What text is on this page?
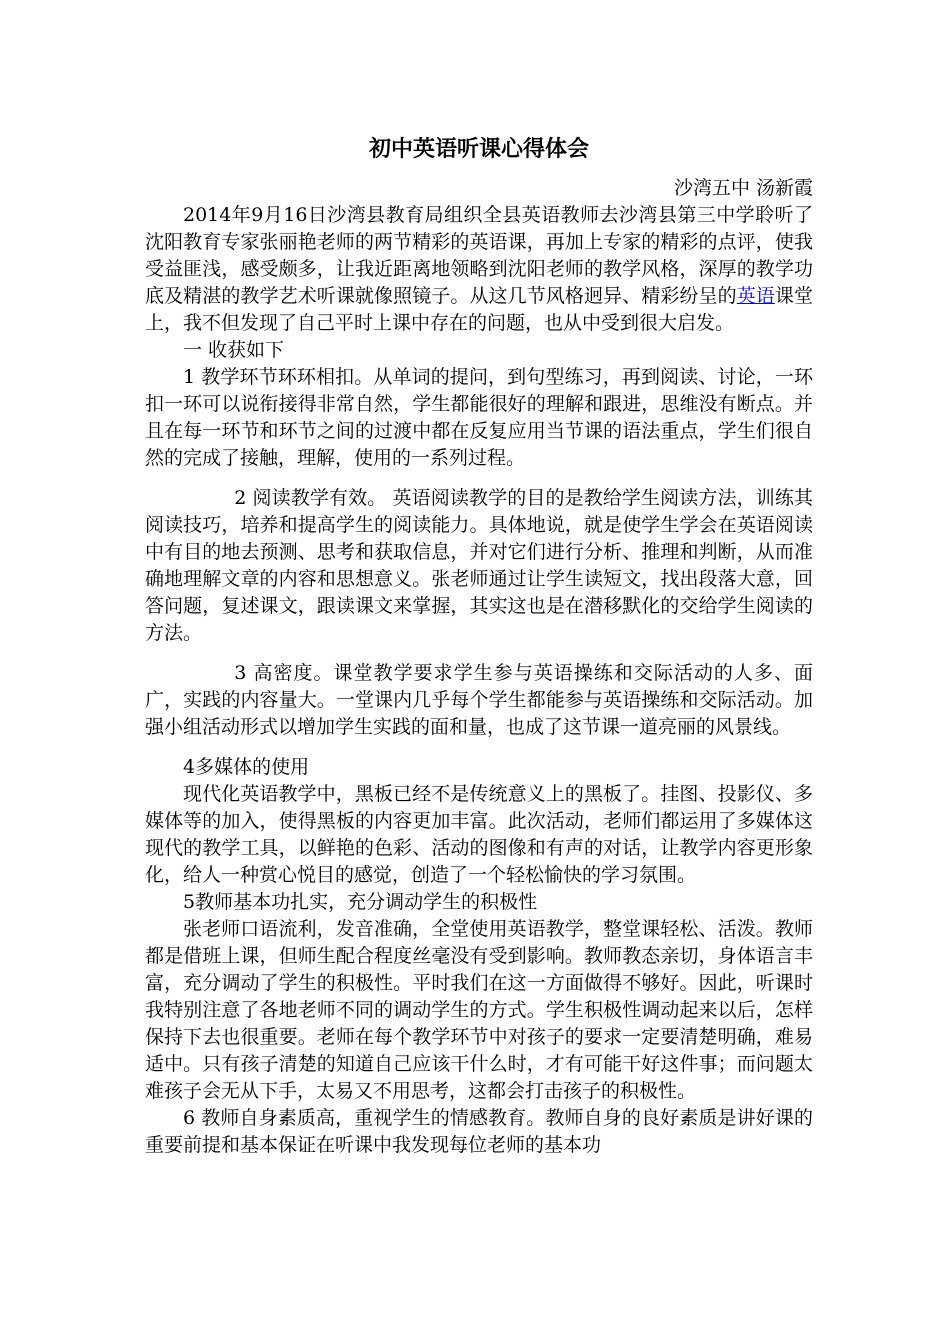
初中英语听课心得体会

沙湾五中 汤新霞

2014年9月16日沙湾县教育局组织全县英语教师去沙湾县第三中学聆听了沈阳教育专家张丽艳老师的两节精彩的英语课，再加上专家的精彩的点评，使我受益匪浅，感受颇多，让我近距离地领略到沈阳老师的教学风格，深厚的教学功底及精湛的教学艺术听课就像照镜子。从这几节风格迥异、精彩纷呈的英语课堂上，我不但发现了自己平时上课中存在的问题，也从中受到很大启发。

一 收获如下

1 教学环节环环相扣。从单词的提问，到句型练习，再到阅读、讨论，一环扣一环可以说衔接得非常自然，学生都能很好的理解和跟进，思维没有断点。并且在每一环节和环节之间的过渡中都在反复应用当节课的语法重点，学生们很自然的完成了接触，理解，使用的一系列过程。

2 阅读教学有效。 英语阅读教学的目的是教给学生阅读方法，训练其阅读技巧，培养和提高学生的阅读能力。具体地说，就是使学生学会在英语阅读中有目的地去预测、思考和获取信息，并对它们进行分析、推理和判断，从而准确地理解文章的内容和思想意义。张老师通过让学生读短文，找出段落大意，回答问题，复述课文，跟读课文来掌握，其实这也是在潜移默化的交给学生阅读的方法。

3 高密度。课堂教学要求学生参与英语操练和交际活动的人多、面广，实践的内容量大。一堂课内几乎每个学生都能参与英语操练和交际活动。加强小组活动形式以增加学生实践的面和量，也成了这节课一道亮丽的风景线。

4多媒体的使用

现代化英语教学中，黑板已经不是传统意义上的黑板了。挂图、投影仪、多媒体等的加入，使得黑板的内容更加丰富。此次活动，老师们都运用了多媒体这现代的教学工具，以鲜艳的色彩、活动的图像和有声的对话，让教学内容更形象化，给人一种赏心悦目的感觉，创造了一个轻松愉快的学习氛围。

5教师基本功扎实，充分调动学生的积极性

张老师口语流利，发音准确，全堂使用英语教学，整堂课轻松、活泼。教师都是借班上课，但师生配合程度丝毫没有受到影响。教师教态亲切，身体语言丰富，充分调动了学生的积极性。平时我们在这一方面做得不够好。因此，听课时我特别注意了各地老师不同的调动学生的方式。学生积极性调动起来以后，怎样保持下去也很重要。老师在每个教学环节中对孩子的要求一定要清楚明确，难易适中。只有孩子清楚的知道自己应该干什么时，才有可能干好这件事；而问题太难孩子会无从下手，太易又不用思考，这都会打击孩子的积极性。

6 教师自身素质高，重视学生的情感教育。教师自身的良好素质是讲好课的重要前提和基本保证在听课中我发现每位老师的基本功
